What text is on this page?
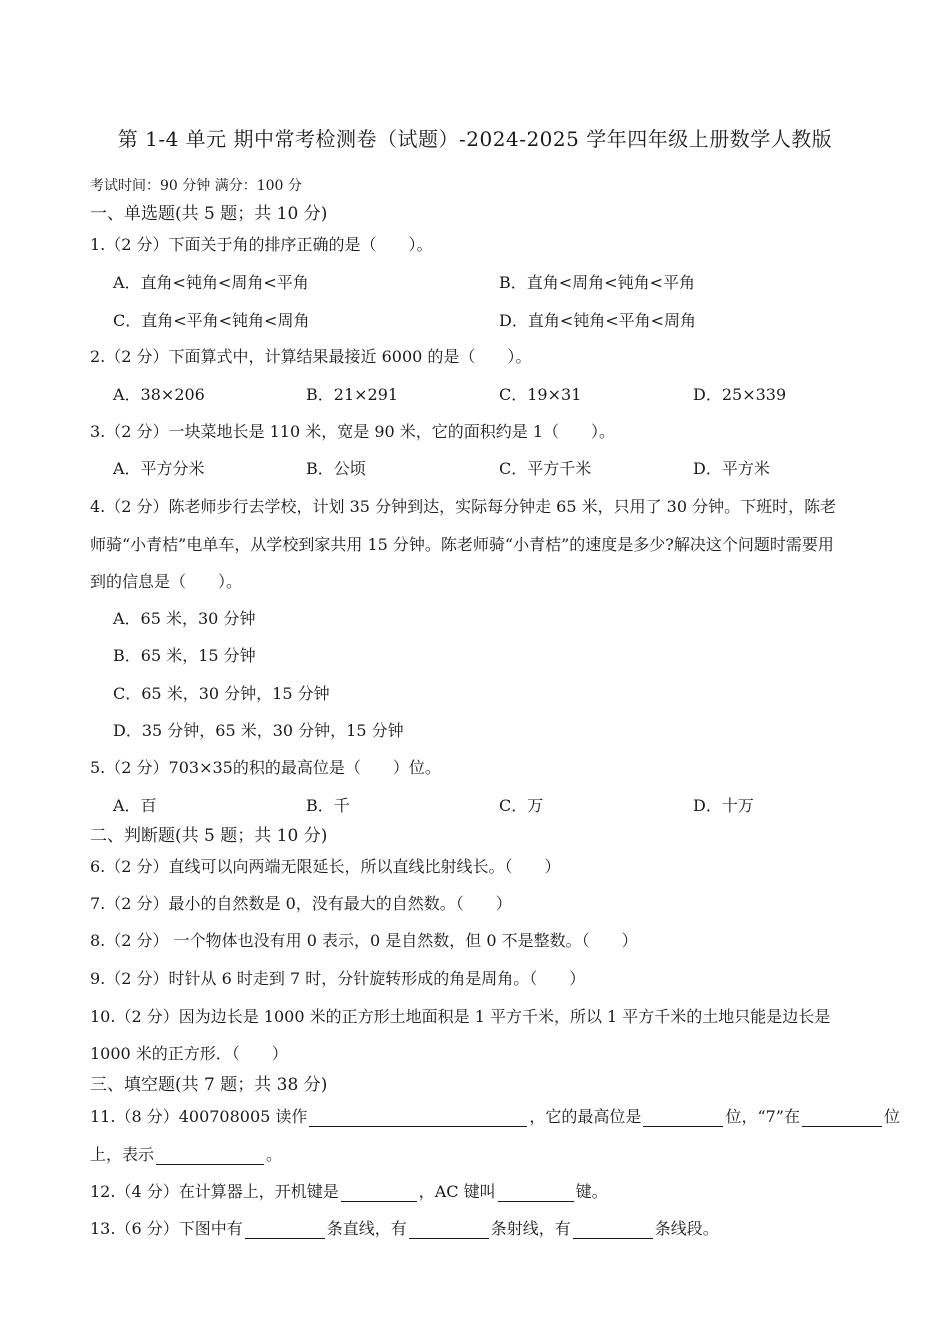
第 1-4 单元 期中常考检测卷（试题）-2024-2025 学年四年级上册数学人教版
考试时间：90 分钟 满分：100 分
一、单选题(共 5 题；共 10 分)
1.（2 分）下面关于角的排序正确的是（　　）。
A．直角<钝角<周角<平角	B．直角<周角<钝角<平角
C．直角<平角<钝角<周角	D．直角<钝角<平角<周角
2.（2 分）下面算式中，计算结果最接近 6000 的是（　　）。
A．38×206	B．21×291	C．19×31	D．25×339
3.（2 分）一块菜地长是 110 米，宽是 90 米，它的面积约是 1（　　）。
A．平方分米	B．公顷	C．平方千米	D．平方米
4.（2 分）陈老师步行去学校，计划 35 分钟到达，实际每分钟走 65 米，只用了 30 分钟。下班时，陈老
师骑“小青桔”电单车，从学校到家共用 15 分钟。陈老师骑“小青桔”的速度是多少?解决这个问题时需要用
到的信息是（　　）。
A．65 米，30 分钟
B．65 米，15 分钟
C．65 米，30 分钟，15 分钟
D．35 分钟，65 米，30 分钟，15 分钟
5.（2 分）703×35的积的最高位是（　　）位。
A．百	B．千	C．万	D．十万
二、判断题(共 5 题；共 10 分)
6.（2 分）直线可以向两端无限延长，所以直线比射线长。（　　）
7.（2 分）最小的自然数是 0，没有最大的自然数。（　　）
8.（2 分） 一个物体也没有用 0 表示，0 是自然数，但 0 不是整数。（　　）
9.（2 分）时针从 6 时走到 7 时，分针旋转形成的角是周角。（　　）
10.（2 分）因为边长是 1000 米的正方形土地面积是 1 平方千米，所以 1 平方千米的土地只能是边长是
1000 米的正方形．（　　）
三、填空题(共 7 题；共 38 分)
11.（8 分）400708005 读作	，它的最高位是	位，“7”在	位
上，表示	。
12.（4 分）在计算器上，开机键是	，AC 键叫	键。
13.（6 分）下图中有	条直线，有	条射线，有	条线段。
